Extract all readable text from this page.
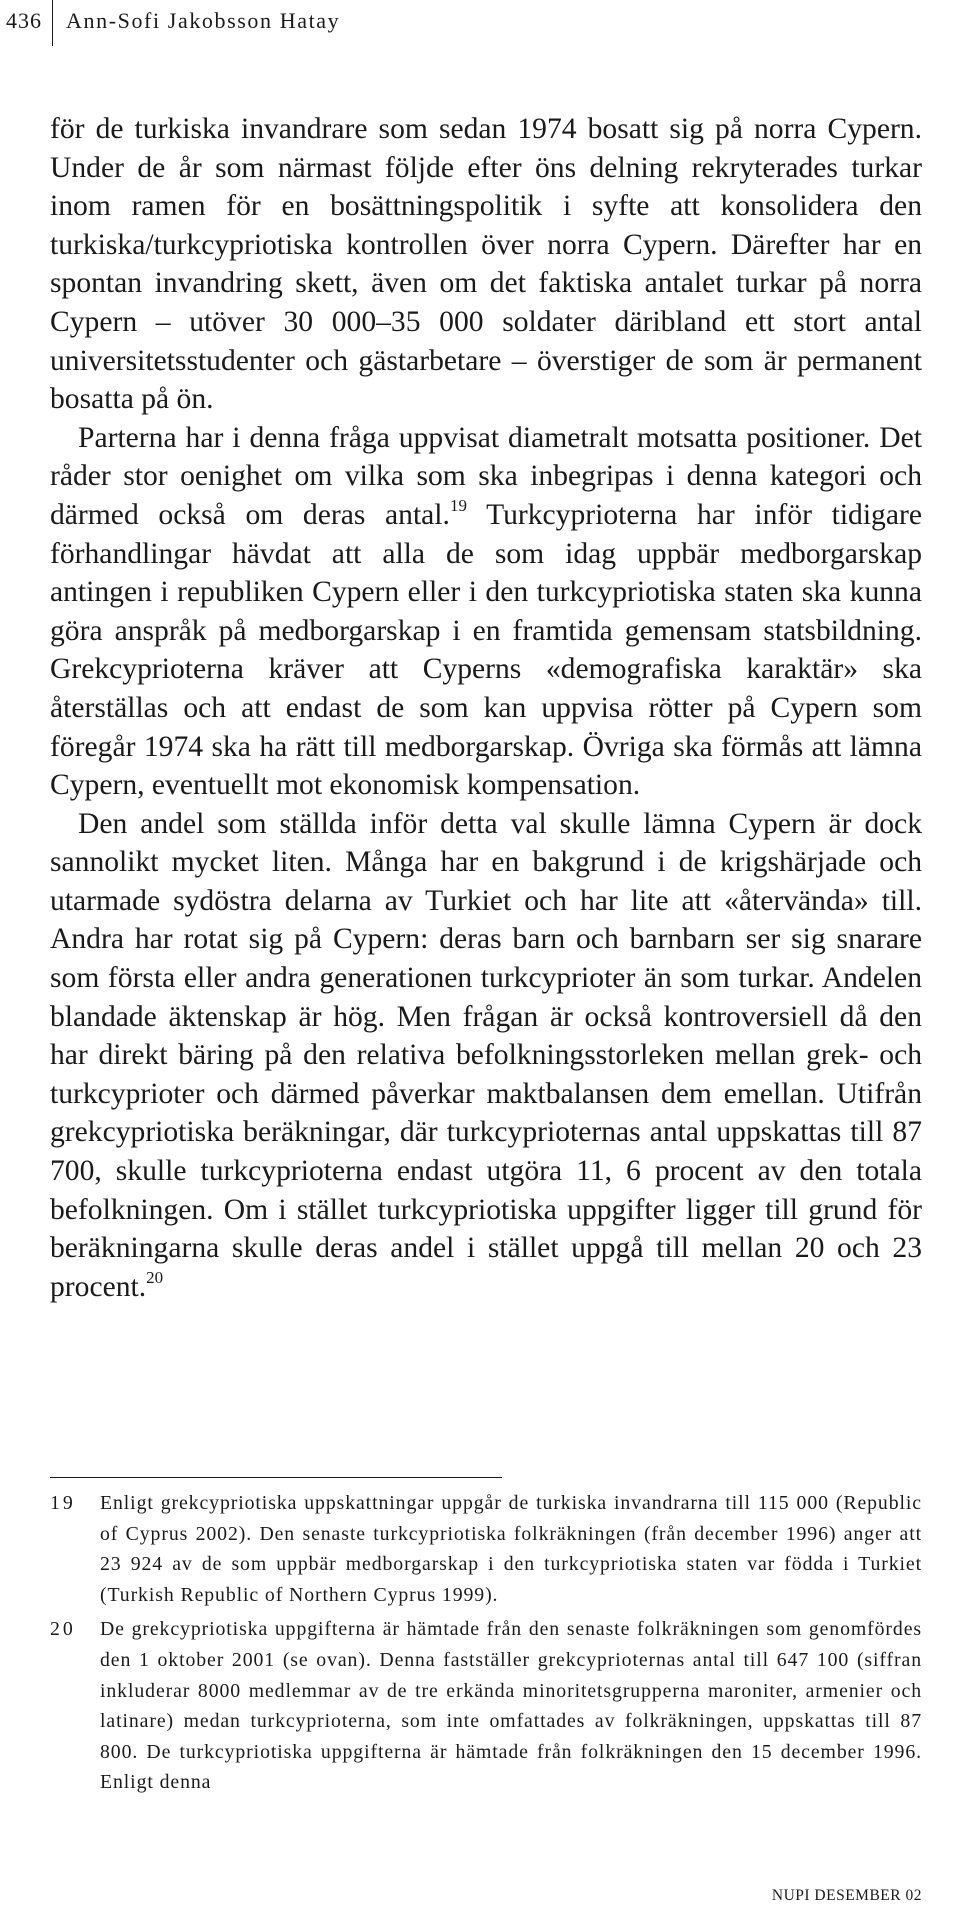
436 Ann-Sofi Jakobsson Hatay

för de turkiska invandrare som sedan 1974 bosatt sig på norra Cypern. Under de år som närmast följde efter öns delning rekryterades turkar inom ramen för en bosättningspolitik i syfte att konsolidera den turkiska/turkcypriotiska kontrollen över norra Cypern. Därefter har en spontan invandring skett, även om det faktiska antalet turkar på norra Cypern – utöver 30 000–35 000 soldater däribland ett stort antal universitetsstudenter och gästarbetare – överstiger de som är permanent bosatta på ön.

Parterna har i denna fråga uppvisat diametralt motsatta positioner. Det råder stor oenighet om vilka som ska inbegripas i denna kategori och därmed också om deras antal.$^{19}$ Turkcyprioterna har inför tidigare förhandlingar hävdat att alla de som idag uppbär medborgarskap antingen i republiken Cypern eller i den turkcypriotiska staten ska kunna göra anspråk på medborgarskap i en framtida gemensam statsbildning. Grekcyprioterna kräver att Cyperns «demografiska karaktär» ska återställas och att endast de som kan uppvisa rötter på Cypern som föregår 1974 ska ha rätt till medborgarskap. Övriga ska förmås att lämna Cypern, eventuellt mot ekonomisk kompensation.

Den andel som ställda inför detta val skulle lämna Cypern är dock sannolikt mycket liten. Många har en bakgrund i de krigshärjade och utarmade sydöstra delarna av Turkiet och har lite att «återvända» till. Andra har rotat sig på Cypern: deras barn och barnbarn ser sig snarare som första eller andra generationen turkcyprioter än som turkar. Andelen blandade äktenskap är hög. Men frågan är också kontroversiell då den har direkt bäring på den relativa befolkningsstorleken mellan grek- och turkcyprioter och därmed påverkar maktbalansen dem emellan. Utifrån grekcypriotiska beräkningar, där turkcyprioternas antal uppskattas till 87 700, skulle turkcyprioterna endast utgöra 11, 6 procent av den totala befolkningen. Om i stället turkcypriotiska uppgifter ligger till grund för beräkningarna skulle deras andel i stället uppgå till mellan 20 och 23 procent.$^{20}$

19 Enligt grekcypriotiska uppskattningar uppgår de turkiska invandrarna till 115 000 (Republic of Cyprus 2002). Den senaste turkcypriotiska folkräkningen (från december 1996) anger att 23 924 av de som uppbär medborgarskap i den turkcypriotiska staten var födda i Turkiet (Turkish Republic of Northern Cyprus 1999).
20 De grekcypriotiska uppgifterna är hämtade från den senaste folkräkningen som genomfördes den 1 oktober 2001 (se ovan). Denna fastställer grekcyprioternas antal till 647 100 (siffran inkluderar 8000 medlemmar av de tre erkända minoritetsgrupperna maroniter, armenier och latinare) medan turkcyprioterna, som inte omfattades av folkräkningen, uppskattas till 87 800. De turkcypriotiska uppgifterna är hämtade från folkräkningen den 15 december 1996. Enligt denna
NUPI DESEMBER 02
